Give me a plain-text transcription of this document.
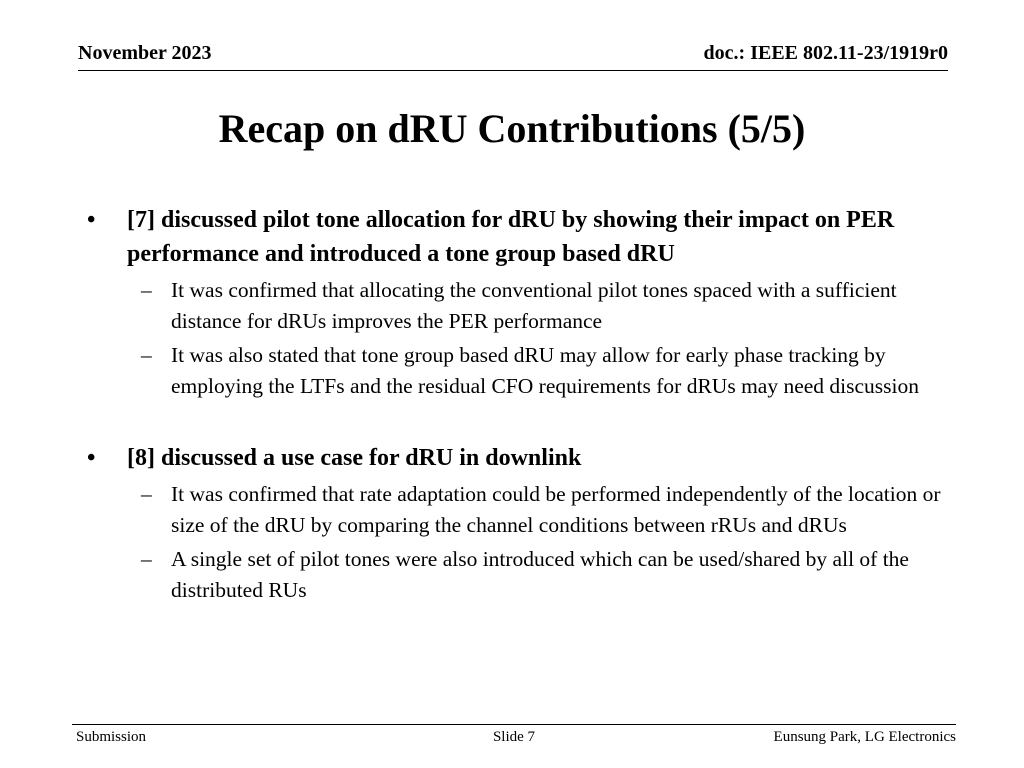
November 2023	doc.: IEEE 802.11-23/1919r0
Recap on dRU Contributions (5/5)
• [7] discussed pilot tone allocation for dRU by showing their impact on PER performance and introduced a tone group based dRU
– It was confirmed that allocating the conventional pilot tones spaced with a sufficient distance for dRUs improves the PER performance
– It was also stated that tone group based dRU may allow for early phase tracking by employing the LTFs and the residual CFO requirements for dRUs may need discussion
• [8] discussed a use case for dRU in downlink
– It was confirmed that rate adaptation could be performed independently of the location or size of the dRU by comparing the channel conditions between rRUs and dRUs
– A single set of pilot tones were also introduced which can be used/shared by all of the distributed RUs
Submission	Slide 7	Eunsung Park, LG Electronics
